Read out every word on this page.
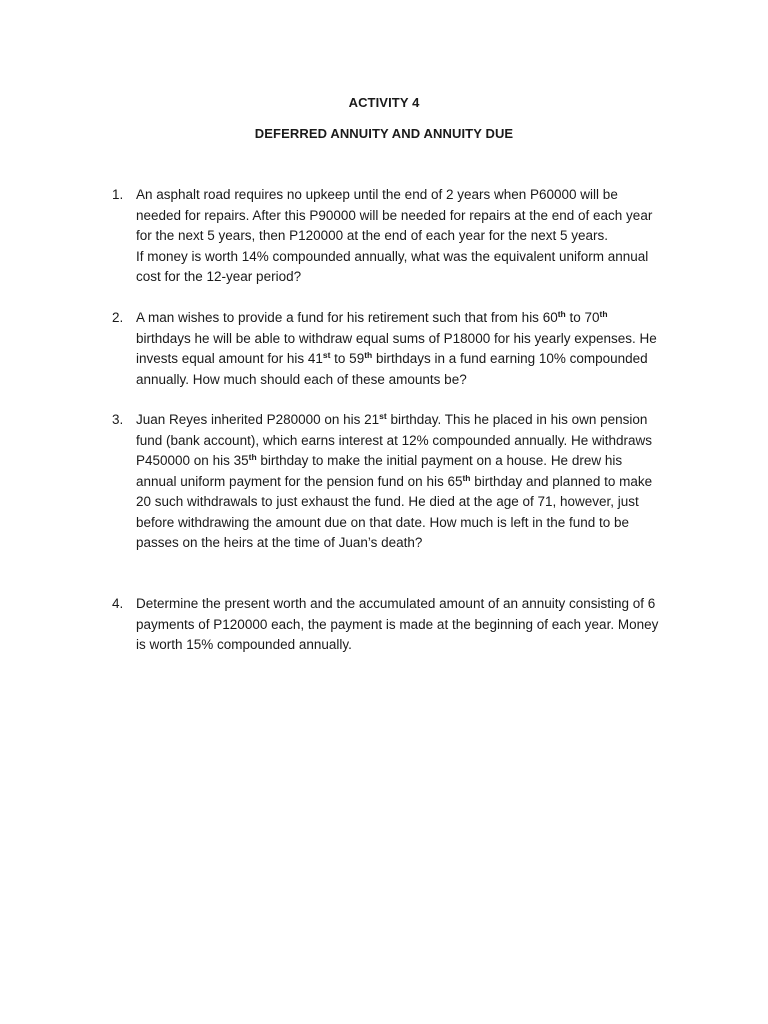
ACTIVITY 4
DEFERRED ANNUITY AND ANNUITY DUE
1. An asphalt road requires no upkeep until the end of 2 years when P60000 will be
needed for repairs. After this P90000 will be needed for repairs at the end of each year
for the next 5 years, then P120000 at the end of each year for the next 5 years.
If money is worth 14% compounded annually, what was the equivalent uniform annual
cost for the 12-year period?
2. A man wishes to provide a fund for his retirement such that from his 60th to 70th
birthdays he will be able to withdraw equal sums of P18000 for his yearly expenses. He
invests equal amount for his 41st to 59th birthdays in a fund earning 10% compounded
annually. How much should each of these amounts be?
3. Juan Reyes inherited P280000 on his 21st birthday. This he placed in his own pension
fund (bank account), which earns interest at 12% compounded annually. He withdraws
P450000 on his 35th birthday to make the initial payment on a house. He drew his
annual uniform payment for the pension fund on his 65th birthday and planned to make
20 such withdrawals to just exhaust the fund. He died at the age of 71, however, just
before withdrawing the amount due on that date. How much is left in the fund to be
passes on the heirs at the time of Juan’s death?
4. Determine the present worth and the accumulated amount of an annuity consisting of 6
payments of P120000 each, the payment is made at the beginning of each year. Money
is worth 15% compounded annually.
